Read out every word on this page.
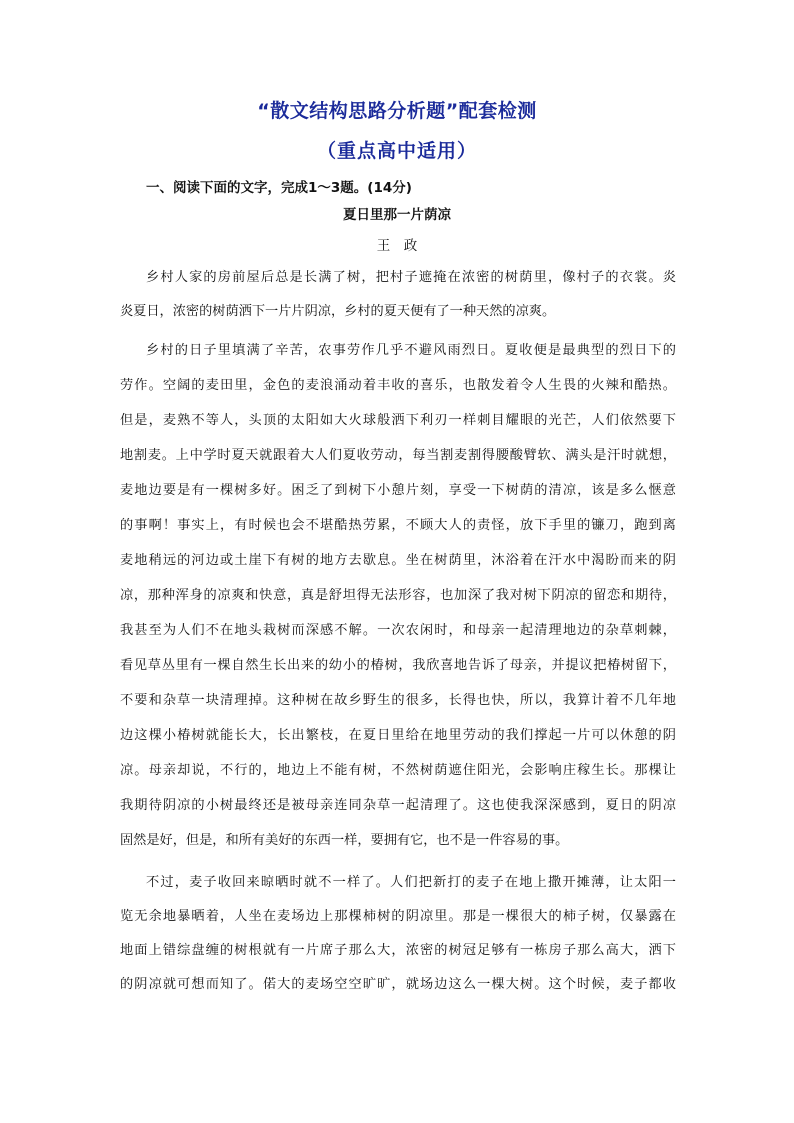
“散文结构思路分析题”配套检测
（重点高中适用）
一、阅读下面的文字，完成1～3题。(14分)
夏日里那一片荫凉
王　政
乡村人家的房前屋后总是长满了树，把村子遮掩在浓密的树荫里，像村子的衣裳。炎
炎夏日，浓密的树荫洒下一片片阴凉，乡村的夏天便有了一种天然的凉爽。
乡村的日子里填满了辛苦，农事劳作几乎不避风雨烈日。夏收便是最典型的烈日下的
劳作。空阔的麦田里，金色的麦浪涌动着丰收的喜乐，也散发着令人生畏的火辣和酷热。
但是，麦熟不等人，头顶的太阳如大火球般洒下利刃一样刺目耀眼的光芒，人们依然要下
地割麦。上中学时夏天就跟着大人们夏收劳动，每当割麦割得腰酸臂软、满头是汗时就想，
麦地边要是有一棵树多好。困乏了到树下小憩片刻，享受一下树荫的清凉，该是多么惬意
的事啊！事实上，有时候也会不堪酷热劳累，不顾大人的责怪，放下手里的镰刀，跑到离
麦地稍远的河边或土崖下有树的地方去歇息。坐在树荫里，沐浴着在汗水中渴盼而来的阴
凉，那种浑身的凉爽和快意，真是舒坦得无法形容，也加深了我对树下阴凉的留恋和期待，
我甚至为人们不在地头栽树而深感不解。一次农闲时，和母亲一起清理地边的杂草刺棘，
看见草丛里有一棵自然生长出来的幼小的椿树，我欣喜地告诉了母亲，并提议把椿树留下，
不要和杂草一块清理掉。这种树在故乡野生的很多，长得也快，所以，我算计着不几年地
边这棵小椿树就能长大，长出繁枝，在夏日里给在地里劳动的我们撑起一片可以休憩的阴
凉。母亲却说，不行的，地边上不能有树，不然树荫遮住阳光，会影响庄稼生长。那棵让
我期待阴凉的小树最终还是被母亲连同杂草一起清理了。这也使我深深感到，夏日的阴凉
固然是好，但是，和所有美好的东西一样，要拥有它，也不是一件容易的事。
不过，麦子收回来晾晒时就不一样了。人们把新打的麦子在地上撒开摊薄，让太阳一
览无余地暴晒着，人坐在麦场边上那棵柿树的阴凉里。那是一棵很大的柿子树，仅暴露在
地面上错综盘缠的树根就有一片席子那么大，浓密的树冠足够有一栋房子那么高大，洒下
的阴凉就可想而知了。偌大的麦场空空旷旷，就场边这么一棵大树。这个时候，麦子都收
